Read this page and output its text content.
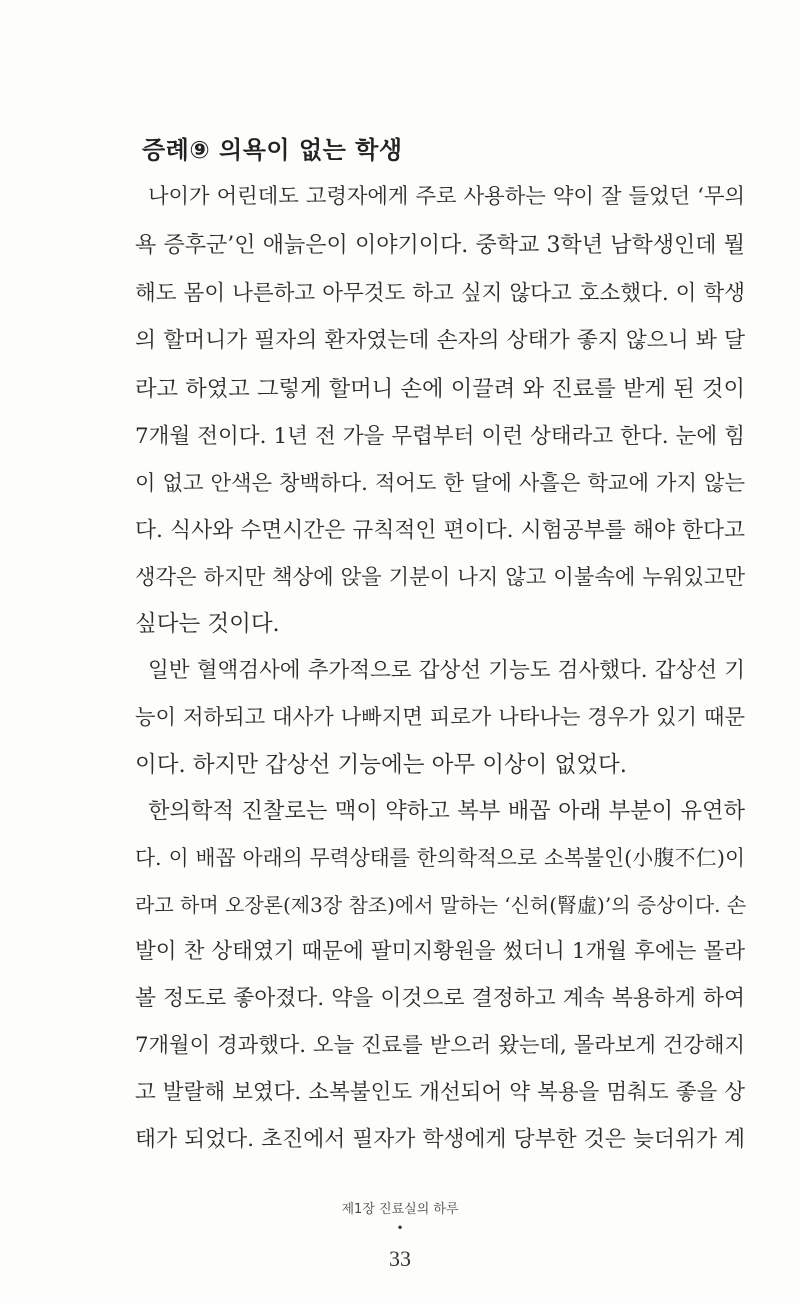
증례⑨ 의욕이 없는 학생
나이가 어린데도 고령자에게 주로 사용하는 약이 잘 들었던 ‘무의
욕 증후군’인 애늙은이 이야기이다. 중학교 3학년 남학생인데 뭘
해도 몸이 나른하고 아무것도 하고 싶지 않다고 호소했다. 이 학생
의 할머니가 필자의 환자였는데 손자의 상태가 좋지 않으니 봐 달
라고 하였고 그렇게 할머니 손에 이끌려 와 진료를 받게 된 것이
7개월 전이다. 1년 전 가을 무렵부터 이런 상태라고 한다. 눈에 힘
이 없고 안색은 창백하다. 적어도 한 달에 사흘은 학교에 가지 않는
다. 식사와 수면시간은 규칙적인 편이다. 시험공부를 해야 한다고
생각은 하지만 책상에 앉을 기분이 나지 않고 이불속에 누워있고만
싶다는 것이다.
일반 혈액검사에 추가적으로 갑상선 기능도 검사했다. 갑상선 기
능이 저하되고 대사가 나빠지면 피로가 나타나는 경우가 있기 때문
이다. 하지만 갑상선 기능에는 아무 이상이 없었다.
한의학적 진찰로는 맥이 약하고 복부 배꼽 아래 부분이 유연하
다. 이 배꼽 아래의 무력상태를 한의학적으로 소복불인(小腹不仁)이
라고 하며 오장론(제3장 참조)에서 말하는 ‘신허(腎虛)’의 증상이다. 손
발이 찬 상태였기 때문에 팔미지황원을 썼더니 1개월 후에는 몰라
볼 정도로 좋아졌다. 약을 이것으로 결정하고 계속 복용하게 하여
7개월이 경과했다. 오늘 진료를 받으러 왔는데, 몰라보게 건강해지
고 발랄해 보였다. 소복불인도 개선되어 약 복용을 멈춰도 좋을 상
태가 되었다. 초진에서 필자가 학생에게 당부한 것은 늦더위가 계
제1장 진료실의 하루
•
33
